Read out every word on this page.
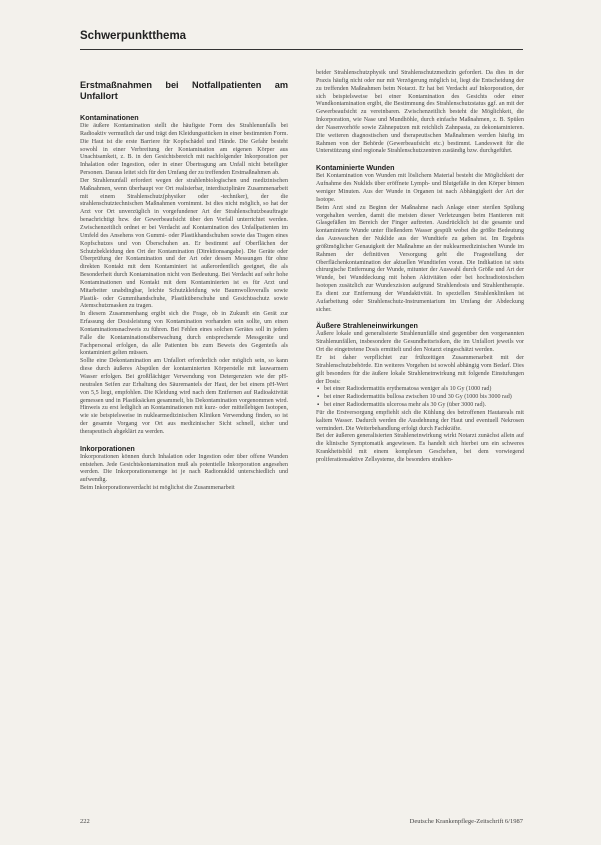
Schwerpunktthema
Erstmaßnahmen bei Notfallpatienten am Unfallort
Kontaminationen

Die äußere Kontamination stellt die häufigste Form des Strahlenunfalls bei Radioaktiv vermutlich dar und trägt den Kleidungsstücken in einer bestimmten Form. Die Haut ist die erste Barriere für Kopfschädel und Hände. Die Gefahr besteht sowohl in einer Verbreitung der Kontamination am eigenen Körper aus Unachtsamkeit, z. B. in den Gesichtsbereich mit nachfolgender Inkorporation per Inhalation oder Ingestion, oder in einer Übertragung am Unfall nicht beteiligter Personen. Daraus leitet sich für den Umfang der zu treffenden Erstmaßnahmen ab.

Der Strahlenunfall erfordert wegen der strahlenbiologischen und medizinischen Maßnahmen, wenn überhaupt vor Ort realisierbar, interdisziplinäre Zusammenarbeit mit einem Strahlenschutz(physiker oder -techniker), der die strahlenschutztechnischen Maßnahmen vornimmt. Ist dies nicht möglich, so hat der Arzt vor Ort unverzüglich in vorgefundener Art der Strahlenschutzbeauftragte benachrichtigt bzw. der Gewerbeaufsicht über den Vorfall unterrichtet werden. Zwischenzeitlich ordnet er bei Verdacht auf Kontamination des Unfallpatienten im Umfeld des Ansehens von Gummi- oder Plastikhandschuhen sowie das Tragen eines Kopfschutzes und von Überschuhen an. Er bestimmt auf Oberflächen der Schutzbekleidung den Ort der Kontamination (Direktionsangabe). Die Geräte oder Überprüfung der Kontamination und der Art oder dessen Messungen für ohne direkten Kontakt mit dem Kontaminiert ist außerordentlich geeignet, die als Besonderheit durch Kontamination nicht von Bedeutung. Bei Verdacht auf sehr hohe Kontaminationen und Kontakt mit dem Kontaminierten ist es für Arzt und Mitarbeiter unabdingbar, leichte Schutzkleidung wie Baumwolloveralls sowie Plastik- oder Gummihandschuhe, Plastiküberschuhe und Gesichtsschutz sowie Atemschutzmasken zu tragen.

In diesem Zusammenhang ergibt sich die Frage, ob in Zukunft ein Gerät zur Erfassung der Dosisleistung von Kontamination vorhanden sein sollte, um einen Kontaminationsnachweis zu führen. Bei Fehlen eines solchen Gerätes soll in jedem Falle die Kontaminationsüberwachung durch entsprechende Messgeräte und Fachpersonal erfolgen, da alle Patienten bis zum Beweis des Gegenteils als kontaminiert gelten müssen.

Sollte eine Dekontamination am Unfallort erforderlich oder möglich sein, so kann diese durch äußeres Abspülen der kontaminierten Körperstelle mit lauwarmem Wasser erfolgen. Bei großflächiger Verwendung von Detergenzien wie der pH-neutralen Seifen zur Erhaltung des Säuremantels der Haut, der bei einem pH-Wert von 5,5 liegt, empfohlen. Die Kleidung wird nach dem Entfernen auf Radioaktivität gemessen und in Plastiksäcken gesammelt, bis Dekontamination vorgenommen wird. Hinweis zu erst lediglich an Kontaminationen mit kurz- oder mittellebigen Isotopen, wie sie beispielsweise in nuklearmedizinischen Kliniken Verwendung finden, so ist der gesamte Vorgang vor Ort aus medizinischer Sicht schnell, sicher und therapeutisch abgeklärt zu werden.

Inkorporationen

Inkorporationen können durch Inhalation oder Ingestion oder über offene Wunden entstehen. Jede Gesichtskontamination muß als potentielle Inkorporation angesehen werden. Die Inkorporationsmenge ist je nach Radionuklid unterschiedlich und aufwendig.

Beim Inkorporationsverdacht ist möglichst die Zusammenarbeit

beider Strahlenschutzphysik und Strahlenschutzmedizin gefordert. Da dies in der Praxis häufig nicht oder nur mit Verzögerung möglich ist, liegt die Entscheidung der zu treffenden Maßnahmen beim Notarzt. Er hat bei Verdacht auf Inkorporation, der sich beispielsweise bei einer Kontamination des Gesichts oder einer Wundkontamination ergibt, die Bestimmung des Strahlenschutzstatus ggf. an mit der Gewerbeaufsicht zu vereinbaren. Zwischenzeitlich besteht die Möglichkeit, die Inkorporation, wie Nase und Mundhöhle, durch einfache Maßnahmen, z. B. Spülen der Nasenvorhöfe sowie Zähneputzen mit reichlich Zahnpasta, zu dekontaminieren. Die weiteren diagnostischen und therapeutischen Maßnahmen werden häufig im Rahmen von der Behörde (Gewerbeaufsicht etc.) bestimmt. Landesweit für die Unterstützung sind regionale Strahlenschutzzentren zuständig bzw. durchgeführt.

Kontaminierte Wunden

Bei Kontamination von Wunden mit löslichem Material besteht die Möglichkeit der Aufnahme des Nuklids über eröffnete Lymph- und Blutgefäße in den Körper binnen weniger Minuten. Aus der Wunde in Organen ist nach Abhängigkeit der Art der Isotope.

Beim Arzt sind zu Beginn der Maßnahme nach Anlage einer sterilen Spülung vorgehalten werden, damit die meisten dieser Verletzungen beim Hantieren mit Glasgefäßen im Bereich der Finger auftreten. Ausdrücklich ist die gesamte und kontaminierte Wunde unter fließendem Wasser gespült wobei die größte Bedeutung das Auswaschen der Nuklide aus der Wundtiefe zu geben ist. Im Ergebnis größtmöglicher Genauigkeit der Maßnahme an der nuklearmedizinischen Wunde im Rahmen der definitiven Versorgung geht die Fragestellung der Oberflächenkontamination der aktuellen Wundtiefen voran. Die Indikation ist stets chirurgische Entfernung der Wunde, mitunter der Auswahl durch Größe und Art der Wunde, bei Wunddeckung mit hohen Aktivitäten oder bei hochradiotoxischen Isotopen zusätzlich zur Wundexzision aufgrund Strahlendosis und Strahlentherapie. Es dient zur Entfernung der Wundaktivität. In speziellen Strahlenkliniken ist Aufarbeitung oder Strahlenschutz-Instrumentarium im Umfang der Abdeckung sicher.

Äußere Strahleneinwirkungen

Äußere lokale und generalisierte Strahlenunfälle sind gegenüber den vorgenannten Strahlenunfällen, insbesondere die Gesundheitsrisiken, die im Unfallort jeweils vor Ort die eingetretene Dosis ermittelt und den Notarzt eingeschätzt werden.

Er ist daher verpflichtet zur frühzeitigen Zusammenarbeit mit der Strahlenschutzbehörde. Ein weiteres Vorgehen ist sowohl abhängig vom Bedarf. Dies gilt besonders für die äußere lokale Strahleneinwirkung mit folgende Einstufungen der Dosis:

▪ bei einer Radiodermatitis erythematosa weniger als 10 Gy (1000 rad)
▪ bei einer Radiodermatitis bullosa zwischen 10 und 30 Gy (1000 bis 3000 rad)
▪ bei einer Radiodermatitis ulcerosa mehr als 30 Gy (über 3000 rad).

Für die Erstversorgung empfiehlt sich die Kühlung des betroffenen Hautareals mit kaltem Wasser. Dadurch werden die Ausdehnung der Haut und eventuell Nekrosen vermindert. Die Weiterbehandlung erfolgt durch Fachkräfte.

Bei der äußeren generalisierten Strahleneinwirkung wirkt Notarzt zunächst allein auf die klinische Symptomatik angewiesen. Es handelt sich hierbei um ein schweres Krankheitsbild mit einem komplexen Geschehen, bei dem vorwiegend proliferationsaktive Zellsysteme, die besonders strahlen-

222	Deutsche Krankenpflege-Zeitschrift 6/1987
